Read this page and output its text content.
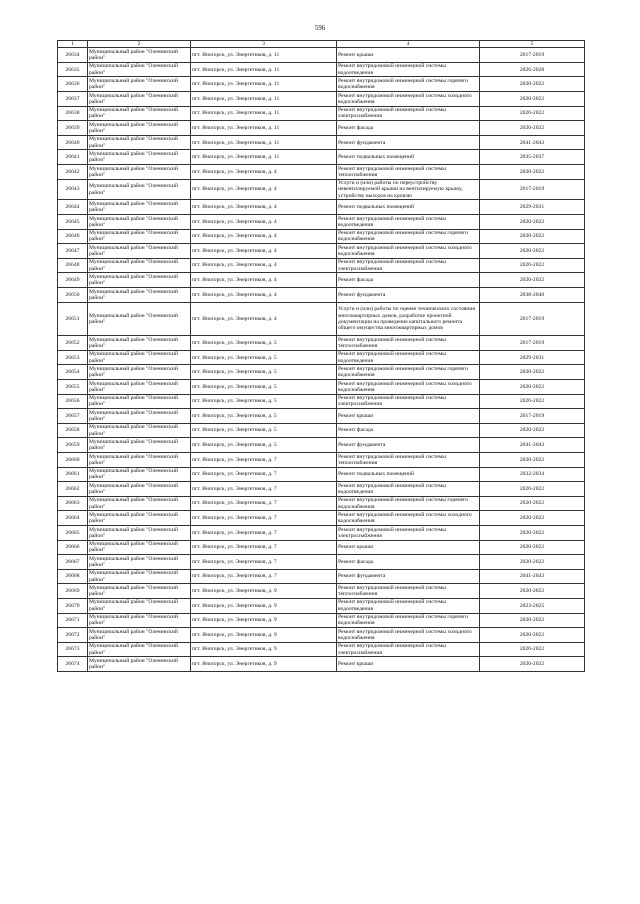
596
1	2	3	4	5
26634	Муниципальный район "Оленинский район"	пгт. Яногорск, ул. Энергетиков, д. 11	Ремонт крыши	2017-2019
26635	Муниципальный район "Оленинский район"	пгт. Яногорск, ул. Энергетиков, д. 11	Ремонт внутридомовой инженерной системы водоотведения	2026-2028
26636	Муниципальный район "Оленинский район"	пгт. Яногорск, ул. Энергетиков, д. 11	Ремонт внутридомовой инженерной системы горячего водоснабжения	2020-2022
26637	Муниципальный район "Оленинский район"	пгт. Яногорск, ул. Энергетиков, д. 11	Ремонт внутридомовой инженерной системы холодного водоснабжения	2020-2022
26638	Муниципальный район "Оленинский район"	пгт. Яногорск, ул. Энергетиков, д. 11	Ремонт внутридомовой инженерной системы электроснабжения	2020-2022
26639	Муниципальный район "Оленинский район"	пгт. Яногорск, ул. Энергетиков, д. 11	Ремонт фасада	2020-2022
26640	Муниципальный район "Оленинский район"	пгт. Яногорск, ул. Энергетиков, д. 11	Ремонт фундамента	2041-2043
26641	Муниципальный район "Оленинский район"	пгт. Яногорск, ул. Энергетиков, д. 11	Ремонт подвальных помещений	2035-2037
26642	Муниципальный район "Оленинский район"	пгт. Яногорск, ул. Энергетиков, д. 4	Ремонт внутридомовой инженерной системы теплоснабжения	2020-2022
26643	Муниципальный район "Оленинский район"	пгт. Яногорск, ул. Энергетиков, д. 4	Услуги и (или) работы по переустройству невентилируемой крыши на вентилируемую крышу, устройству выходов на кровлю	2017-2019
26644	Муниципальный район "Оленинский район"	пгт. Яногорск, ул. Энергетиков, д. 4	Ремонт подвальных помещений	2029-2031
26645	Муниципальный район "Оленинский район"	пгт. Яногорск, ул. Энергетиков, д. 4	Ремонт внутридомовой инженерной системы водоотведения	2020-2022
26646	Муниципальный район "Оленинский район"	пгт. Яногорск, ул. Энергетиков, д. 4	Ремонт внутридомовой инженерной системы горячего водоснабжения	2020-2022
26647	Муниципальный район "Оленинский район"	пгт. Яногорск, ул. Энергетиков, д. 4	Ремонт внутридомовой инженерной системы холодного водоснабжения	2020-2022
26648	Муниципальный район "Оленинский район"	пгт. Яногорск, ул. Энергетиков, д. 4	Ремонт внутридомовой инженерной системы электроснабжения	2020-2022
26649	Муниципальный район "Оленинский район"	пгт. Яногорск, ул. Энергетиков, д. 4	Ремонт фасада	2020-2022
26650	Муниципальный район "Оленинский район"	пгт. Яногорск, ул. Энергетиков, д. 4	Ремонт фундамента	2038-2040
26651	Муниципальный район "Оленинский район"	пгт. Яногорск, ул. Энергетиков, д. 4	Услуги и (или) работы по оценке технического состояния многоквартирных домов, разработке проектной документации на проведение капитального ремонта общего имущества многоквартирных домов	2017-2019
26652	Муниципальный район "Оленинский район"	пгт. Яногорск, ул. Энергетиков, д. 5	Ремонт внутридомовой инженерной системы теплоснабжения	2017-2019
26653	Муниципальный район "Оленинский район"	пгт. Яногорск, ул. Энергетиков, д. 5	Ремонт внутридомовой инженерной системы водоотведения	2029-2031
26654	Муниципальный район "Оленинский район"	пгт. Яногорск, ул. Энергетиков, д. 5	Ремонт внутридомовой инженерной системы горячего водоснабжения	2020-2022
26655	Муниципальный район "Оленинский район"	пгт. Яногорск, ул. Энергетиков, д. 5	Ремонт внутридомовой инженерной системы холодного водоснабжения	2020-2022
26656	Муниципальный район "Оленинский район"	пгт. Яногорск, ул. Энергетиков, д. 5	Ремонт внутридомовой инженерной системы электроснабжения	2020-2022
26657	Муниципальный район "Оленинский район"	пгт. Яногорск, ул. Энергетиков, д. 5	Ремонт крыши	2017-2019
26658	Муниципальный район "Оленинский район"	пгт. Яногорск, ул. Энергетиков, д. 5	Ремонт фасада	2020-2022
26659	Муниципальный район "Оленинский район"	пгт. Яногорск, ул. Энергетиков, д. 5	Ремонт фундамента	2041-2043
26660	Муниципальный район "Оленинский район"	пгт. Яногорск, ул. Энергетиков, д. 7	Ремонт внутридомовой инженерной системы теплоснабжения	2020-2022
26661	Муниципальный район "Оленинский район"	пгт. Яногорск, ул. Энергетиков, д. 7	Ремонт подвальных помещений	2032-2034
26662	Муниципальный район "Оленинский район"	пгт. Яногорск, ул. Энергетиков, д. 7	Ремонт внутридомовой инженерной системы водоотведения	2020-2022
26663	Муниципальный район "Оленинский район"	пгт. Яногорск, ул. Энергетиков, д. 7	Ремонт внутридомовой инженерной системы горячего водоснабжения	2020-2022
26664	Муниципальный район "Оленинский район"	пгт. Яногорск, ул. Энергетиков, д. 7	Ремонт внутридомовой инженерной системы холодного водоснабжения	2020-2022
26665	Муниципальный район "Оленинский район"	пгт. Яногорск, ул. Энергетиков, д. 7	Ремонт внутридомовой инженерной системы электроснабжения	2020-2022
26666	Муниципальный район "Оленинский район"	пгт. Яногорск, ул. Энергетиков, д. 7	Ремонт крыши	2020-2022
26667	Муниципальный район "Оленинский район"	пгт. Яногорск, ул. Энергетиков, д. 7	Ремонт фасада	2020-2022
26668	Муниципальный район "Оленинский район"	пгт. Яногорск, ул. Энергетиков, д. 7	Ремонт фундамента	2041-2043
26669	Муниципальный район "Оленинский район"	пгт. Яногорск, ул. Энергетиков, д. 9	Ремонт внутридомовой инженерной системы теплоснабжения	2020-2022
26670	Муниципальный район "Оленинский район"	пгт. Яногорск, ул. Энергетиков, д. 9	Ремонт внутридомовой инженерной системы водоотведения	2023-2025
26671	Муниципальный район "Оленинский район"	пгт. Яногорск, ул. Энергетиков, д. 9	Ремонт внутридомовой инженерной системы горячего водоснабжения	2020-2022
26672	Муниципальный район "Оленинский район"	пгт. Яногорск, ул. Энергетиков, д. 9	Ремонт внутридомовой инженерной системы холодного водоснабжения	2020-2022
26673	Муниципальный район "Оленинский район"	пгт. Яногорск, ул. Энергетиков, д. 9	Ремонт внутридомовой инженерной системы электроснабжения	2020-2022
26674	Муниципальный район "Оленинский район"	пгт. Яногорск, ул. Энергетиков, д. 9	Ремонт крыши	2020-2022
